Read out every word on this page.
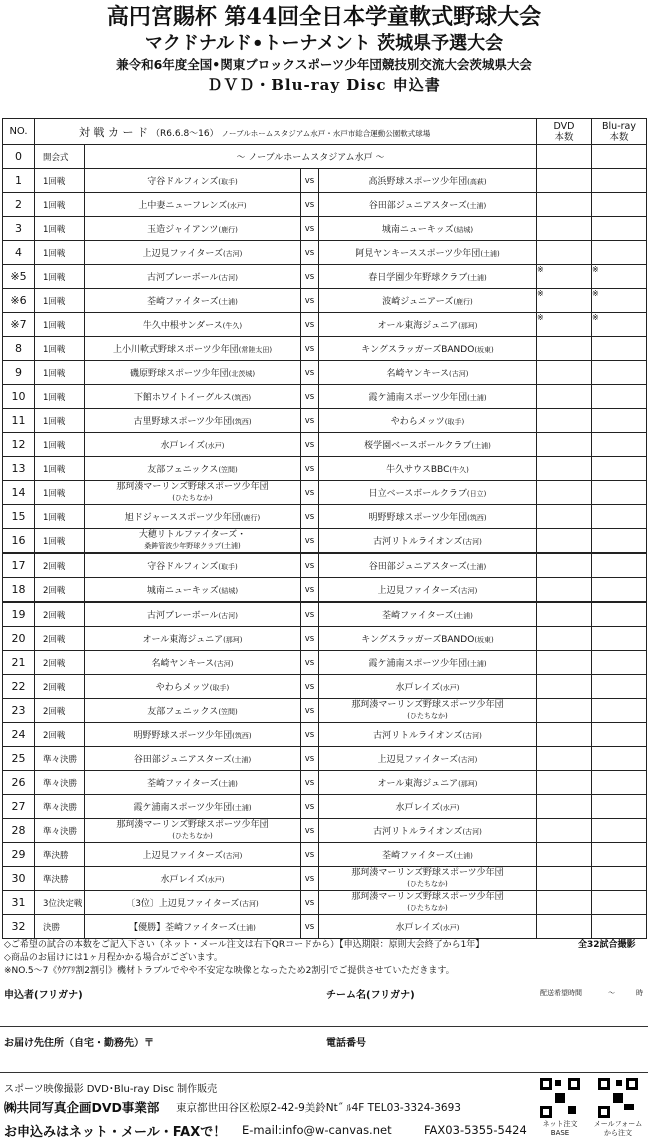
高円宮賜杯 第44回全日本学童軟式野球大会
マクドナルド•トーナメント 茨城県予選大会
兼令和6年度全国•関東ブロックスポーツ少年団競技別交流大会茨城県大会
ＤＶＤ・Blu-ray Disc 申込書
NO.	対 戦 カ ー ド （R6.6.8～16） ノーブルホームスタジアム水戸・水戸市総合運動公園軟式球場				DVD
本数	Blu-ray
本数

0	開会式	～ ノーブルホームスタジアム水戸 ～				
1	1回戦	守谷ドルフィンズ(取手)	vs	高浜野球スポーツ少年団(高萩)		
2	1回戦	上中妻ニューフレンズ(水戸)	vs	谷田部ジュニアスターズ(土浦)		
3	1回戦	玉造ジャイアンツ(鹿行)	vs	城南ニューキッズ(結城)		
4	1回戦	上辺見ファイターズ(古河)	vs	阿見ヤンキーススポーツ少年団(土浦)		
※5	1回戦	古河ブレーボール(古河)	vs	春日学園少年野球クラブ(土浦)	※	※
※6	1回戦	荃崎ファイターズ(土浦)	vs	波崎ジュニアーズ(鹿行)	※	※
※7	1回戦	牛久中根サンダース(牛久)	vs	オール東海ジュニア(那珂)	※	※
8	1回戦	上小川軟式野球スポーツ少年団(常陸太田)	vs	キングスラッガーズBANDO(坂東)		
9	1回戦	磯原野球スポーツ少年団(北茨城)	vs	名崎ヤンキース(古河)		
10	1回戦	下館ホワイトイーグルス(筑西)	vs	霞ケ浦南スポーツ少年団(土浦)		
11	1回戦	古里野球スポーツ少年団(筑西)	vs	やわらメッツ(取手)		
12	1回戦	水戸レイズ(水戸)	vs	桜学園ベースボールクラブ(土浦)		
13	1回戦	友部フェニックス(笠間)	vs	牛久サウスBBC(牛久)		
14	1回戦	那珂湊マーリンズ野球スポーツ少年団
(ひたちなか)	vs	日立ベースボールクラブ(日立)		
15	1回戦	旭ドジャーススポーツ少年団(鹿行)	vs	明野野球スポーツ少年団(筑西)		
16	1回戦	大穂リトルファイターズ・
桑鉾管波少年野球クラブ(土浦)	vs	古河リトルライオンズ(古河)		
17	2回戦	守谷ドルフィンズ(取手)	vs	谷田部ジュニアスターズ(土浦)		
18	2回戦	城南ニューキッズ(結城)	vs	上辺見ファイターズ(古河)		
19	2回戦	古河ブレーボール(古河)	vs	荃崎ファイターズ(土浦)		
20	2回戦	オール東海ジュニア(那珂)	vs	キングスラッガーズBANDO(坂東)		
21	2回戦	名崎ヤンキース(古河)	vs	霞ケ浦南スポーツ少年団(土浦)		
22	2回戦	やわらメッツ(取手)	vs	水戸レイズ(水戸)		
23	2回戦	友部フェニックス(笠間)	vs	那珂湊マーリンズ野球スポーツ少年団
(ひたちなか)		

24	2回戦	明野野球スポーツ少年団(筑西)	vs	古河リトルライオンズ(古河)		
25	準々決勝	谷田部ジュニアスターズ(土浦)	vs	上辺見ファイターズ(古河)		
26	準々決勝	荃崎ファイターズ(土浦)	vs	オール東海ジュニア(那珂)		
27	準々決勝	霞ケ浦南スポーツ少年団(土浦)	vs	水戸レイズ(水戸)		
28	準々決勝	那珂湊マーリンズ野球スポーツ少年団
(ひたちなか)	vs	古河リトルライオンズ(古河)		
29	準決勝	上辺見ファイターズ(古河)	vs	荃崎ファイターズ(土浦)		
30	準決勝	水戸レイズ(水戸)	vs	那珂湊マーリンズ野球スポーツ少年団
(ひたちなか)		

31	3位決定戦	〔3位〕上辺見ファイターズ(古河)	vs	那珂湊マーリンズ野球スポーツ少年団
(ひたちなか)		

32	決勝	【優勝】荃崎ファイターズ(土浦)	vs	水戸レイズ(水戸)		
◇ご希望の試合の本数をご記入下さい（ネット・メール注文は右下QRコードから）【申込期限：原則大会終了から1年】	全32試合撮影
◇商品のお届けには1ヶ月程かかる場合がございます。
※NO.5～7《ｳｸｱﾘ割2割引》機材トラブルでやや不安定な映像となったため2割引でご提供させていただきます。
申込者(フリガナ)	チーム名(フリガナ)	配送希望時間	～	時
お届け先住所（自宅・勤務先）〒	電話番号
スポーツ映像撮影 DVD･Blu-ray Disc 制作販売
㈱共同写真企画DVD事業部 東京都世田谷区松原2-42-9美鈴Nt˝ ﾙ4F TEL03-3324-3693
お申込みはネット・メール・FAXで！ E-mail:info@w-canvas.net	FAX03-5355-5424	ネット注文
BASE
メールフォーム
から注文
